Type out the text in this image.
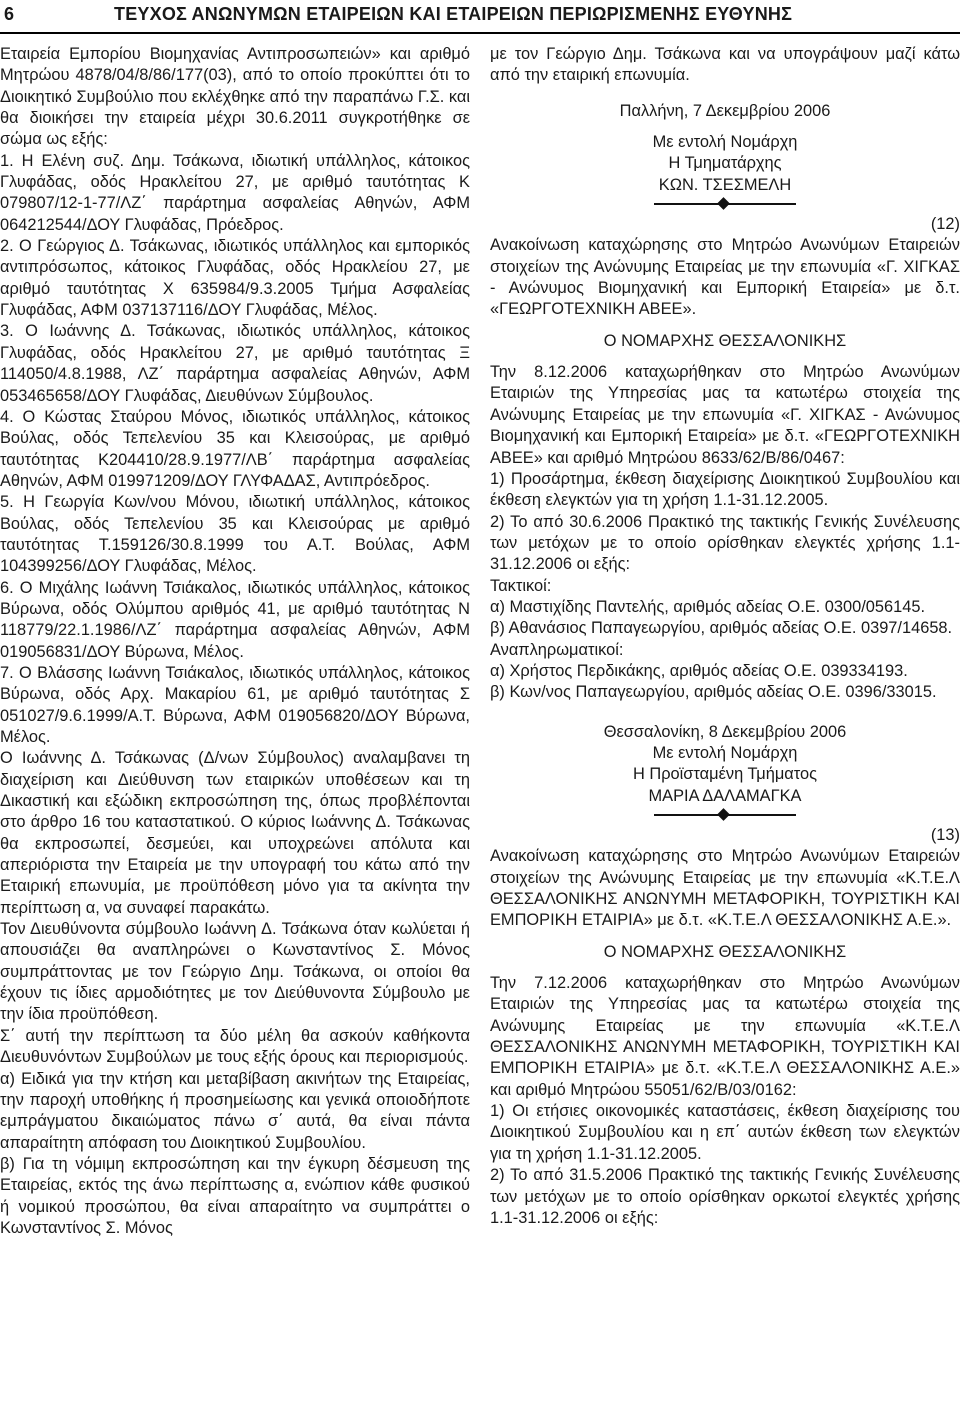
6	ΤΕΥΧΟΣ ΑΝΩΝΥΜΩΝ ΕΤΑΙΡΕΙΩΝ ΚΑΙ ΕΤΑΙΡΕΙΩΝ ΠΕΡΙΩΡΙΣΜΕΝΗΣ ΕΥΘΥΝΗΣ

Εταιρεία Εμπορίου Βιομηχανίας Αντιπροσωπειών» και αριθμό Μητρώου 4878/04/8/86/177(03), από το οποίο προκύπτει ότι το Διοικητικό Συμβούλιο που εκλέχθηκε από την παραπάνω Γ.Σ. και θα διοικήσει την εταιρεία μέχρι 30.6.2011 συγκροτήθηκε σε σώμα ως εξής:

1. Η Ελένη συζ. Δημ. Τσάκωνα, ιδιωτική υπάλληλος, κάτοικος Γλυφάδας, οδός Ηρακλείτου 27, με αριθμό ταυτότητας Κ 079807/12-1-77/ΛΖ΄ παράρτημα ασφαλείας Αθηνών, ΑΦΜ 064212544/ΔΟΥ Γλυφάδας, Πρόεδρος.

2. Ο Γεώργιος Δ. Τσάκωνας, ιδιωτικός υπάλληλος και εμπορικός αντιπρόσωπος, κάτοικος Γλυφάδας, οδός Ηρακλείου 27, με αριθμό ταυτότητας Χ 635984/9.3.2005 Τμήμα Ασφαλείας Γλυφάδας, ΑΦΜ 037137116/ΔΟΥ Γλυφάδας, Μέλος.

3. Ο Ιωάννης Δ. Τσάκωνας, ιδιωτικός υπάλληλος, κάτοικος Γλυφάδας, οδός Ηρακλείτου 27, με αριθμό ταυτότητας Ξ 114050/4.8.1988, ΛΖ΄ παράρτημα ασφαλείας Αθηνών, ΑΦΜ 053465658/ΔΟΥ Γλυφάδας, Διευθύνων Σύμβουλος.

4. Ο Κώστας Σταύρου Μόνος, ιδιωτικός υπάλληλος, κάτοικος Βούλας, οδός Τεπελενίου 35 και Κλεισούρας, με αριθμό ταυτότητας Κ204410/28.9.1977/ΛΒ΄ παράρτημα ασφαλείας Αθηνών, ΑΦΜ 019971209/ΔΟΥ ΓΛΥΦΑΔΑΣ, Αντιπρόεδρος.

5. Η Γεωργία Κων/νου Μόνου, ιδιωτική υπάλληλος, κάτοικος Βούλας, οδός Τεπελενίου 35 και Κλεισούρας με αριθμό ταυτότητας Τ.159126/30.8.1999 του Α.Τ. Βούλας, ΑΦΜ 104399256/ΔΟΥ Γλυφάδας, Μέλος.

6. Ο Μιχάλης Ιωάννη Τσιάκαλος, ιδιωτικός υπάλληλος, κάτοικος Βύρωνα, οδός Ολύμπου αριθμός 41, με αριθμό ταυτότητας Ν 118779/22.1.1986/ΛΖ΄ παράρτημα ασφαλείας Αθηνών, ΑΦΜ 019056831/ΔΟΥ Βύρωνα, Μέλος.

7. Ο Βλάσσης Ιωάννη Τσιάκαλος, ιδιωτικός υπάλληλος, κάτοικος Βύρωνα, οδός Αρχ. Μακαρίου 61, με αριθμό ταυτότητας Σ 051027/9.6.1999/Α.Τ. Βύρωνα, ΑΦΜ 019056820/ΔΟΥ Βύρωνα, Μέλος.

Ο Ιωάννης Δ. Τσάκωνας (Δ/νων Σύμβουλος) αναλαμβανει τη διαχείριση και Διεύθυνση των εταιρικών υποθέσεων και τη Δικαστική και εξώδικη εκπροσώπηση της, όπως προβλέπονται στο άρθρο 16 του καταστατικού. Ο κύριος Ιωάννης Δ. Τσάκωνας θα εκπροσωπεί, δεσμεύει, και υποχρεώνει απόλυτα και απεριόριστα την Εταιρεία με την υπογραφή του κάτω από την Εταιρική επωνυμία, με προϋπόθεση μόνο για τα ακίνητα την περίπτωση α, να συναφεί παρακάτω.

Τον Διευθύνοντα σύμβουλο Ιωάννη Δ. Τσάκωνα όταν κωλύεται ή απουσιάζει θα αναπληρώνει ο Κωνσταντίνος Σ. Μόνος συμπράττοντας με τον Γεώργιο Δημ. Τσάκωνα, οι οποίοι θα έχουν τις ίδιες αρμοδιότητες με τον Διεύθυνοντα Σύμβουλο με την ίδια προϋπόθεση.

Σ΄ αυτή την περίπτωση τα δύο μέλη θα ασκούν καθήκοντα Διευθυνόντων Συμβούλων με τους εξής όρους και περιορισμούς.

α) Ειδικά για την κτήση και μεταβίβαση ακινήτων της Εταιρείας, την παροχή υποθήκης ή προσημείωσης και γενικά οποιοδήποτε εμπράγματου δικαιώματος πάνω σ΄ αυτά, θα είναι πάντα απαραίτητη απόφαση του Διοικητικού Συμβουλίου.

β) Για τη νόμιμη εκπροσώπηση και την έγκυρη δέσμευση της Εταιρείας, εκτός της άνω περίπτωσης α, ενώπιον κάθε φυσικού ή νομικού προσώπου, θα είναι απαραίτητο να συμπράττει ο Κωνσταντίνος Σ. Μόνος

με τον Γεώργιο Δημ. Τσάκωνα και να υπογράψουν μαζί κάτω από την εταιρική επωνυμία.

Παλλήνη, 7 Δεκεμβρίου 2006

Με εντολή Νομάρχη

Η Τμηματάρχης

ΚΩΝ. ΤΣΕΣΜΕΛΗ

(12)

Ανακοίνωση καταχώρησης στο Μητρώο Ανωνύμων Εταιρειών στοιχείων της Ανώνυμης Εταιρείας με την επωνυμία «Γ. ΧΙΓΚΑΣ - Ανώνυμος Βιομηχανική και Εμπορική Εταιρεία» με δ.τ. «ΓΕΩΡΓΟΤΕΧΝΙΚΗ ΑΒΕΕ».

Ο ΝΟΜΑΡΧΗΣ ΘΕΣΣΑΛΟΝΙΚΗΣ

Την 8.12.2006 καταχωρήθηκαν στο Μητρώο Ανωνύμων Εταιριών της Υπηρεσίας μας τα κατωτέρω στοιχεία της Ανώνυμης Εταιρείας με την επωνυμία «Γ. ΧΙΓΚΑΣ - Ανώνυμος Βιομηχανική και Εμπορική Εταιρεία» με δ.τ. «ΓΕΩΡΓΟΤΕΧΝΙΚΗ ΑΒΕΕ» και αριθμό Μητρώου 8633/62/Β/86/0467:

1) Προσάρτημα, έκθεση διαχείρισης Διοικητικού Συμβουλίου και έκθεση ελεγκτών για τη χρήση 1.1-31.12.2005.

2) Το από 30.6.2006 Πρακτικό της τακτικής Γενικής Συνέλευσης των μετόχων με το οποίο ορίσθηκαν ελεγκτές χρήσης 1.1-31.12.2006 οι εξής:

Τακτικοί:

α) Μαστιχίδης Παντελής, αριθμός αδείας Ο.Ε. 0300/056145.

β) Αθανάσιος Παπαγεωργίου, αριθμός αδείας Ο.Ε. 0397/14658.

Αναπληρωματικοί:

α) Χρήστος Περδικάκης, αριθμός αδείας Ο.Ε. 039334193.

β) Κων/νος Παπαγεωργίου, αριθμός αδείας Ο.Ε. 0396/33015.

Θεσσαλονίκη, 8 Δεκεμβρίου 2006

Με εντολή Νομάρχη

Η Προϊσταμένη Τμήματος

ΜΑΡΙΑ ΔΑΛΑΜΑΓΚΑ

(13)

Ανακοίνωση καταχώρησης στο Μητρώο Ανωνύμων Εταιρειών στοιχείων της Ανώνυμης Εταιρείας με την επωνυμία «Κ.Τ.Ε.Λ ΘΕΣΣΑΛΟΝΙΚΗΣ ΑΝΩΝΥΜΗ ΜΕΤΑΦΟΡΙΚΗ, ΤΟΥΡΙΣΤΙΚΗ ΚΑΙ ΕΜΠΟΡΙΚΗ ΕΤΑΙΡΙΑ» με δ.τ. «Κ.Τ.Ε.Λ ΘΕΣΣΑΛΟΝΙΚΗΣ Α.Ε.».

Ο ΝΟΜΑΡΧΗΣ ΘΕΣΣΑΛΟΝΙΚΗΣ

Την 7.12.2006 καταχωρήθηκαν στο Μητρώο Ανωνύμων Εταιριών της Υπηρεσίας μας τα κατωτέρω στοιχεία της Ανώνυμης Εταιρείας με την επωνυμία «Κ.Τ.Ε.Λ ΘΕΣΣΑΛΟΝΙΚΗΣ ΑΝΩΝΥΜΗ ΜΕΤΑΦΟΡΙΚΗ, ΤΟΥΡΙΣΤΙΚΗ ΚΑΙ ΕΜΠΟΡΙΚΗ ΕΤΑΙΡΙΑ» με δ.τ. «Κ.Τ.Ε.Λ ΘΕΣΣΑΛΟΝΙΚΗΣ Α.Ε.» και αριθμό Μητρώου 55051/62/Β/03/0162:

1) Οι ετήσιες οικονομικές καταστάσεις, έκθεση διαχείρισης του Διοικητικού Συμβουλίου και η επ΄ αυτών έκθεση των ελεγκτών για τη χρήση 1.1-31.12.2005.

2) Το από 31.5.2006 Πρακτικό της τακτικής Γενικής Συνέλευσης των μετόχων με το οποίο ορίσθηκαν ορκωτοί ελεγκτές χρήσης 1.1-31.12.2006 οι εξής:
